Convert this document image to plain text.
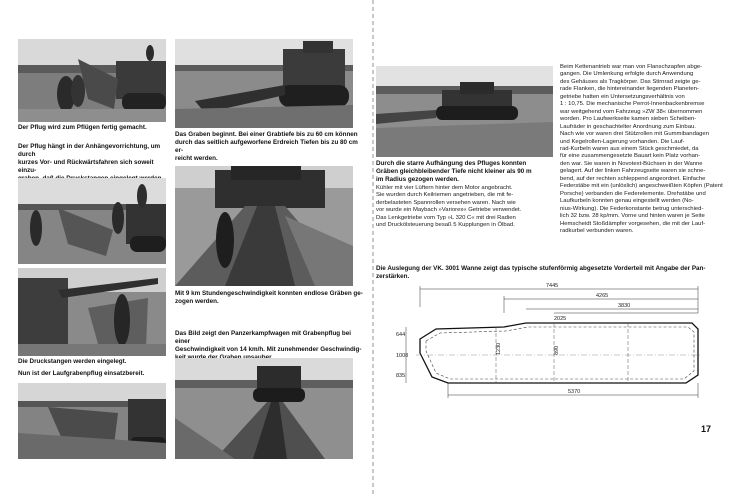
Der Pflug wird zum Pflügen fertig gemacht.

Der Pflug hängt in der Anhängevorrichtung, um durch
kurzes Vor- und Rückwärtsfahren sich soweit einzu-

Die Druckstangen werden eingelegt.

Nun ist der Laufgrabenpflug einsatzbereit.

Das Graben beginnt. Bei einer Grabtiefe bis zu 60 cm können
durch das seitlich aufgeworfene Erdreich Tiefen bis zu 80 cm er-
reicht werden.

Mit 9 km Stundengeschwindigkeit konnten endlose Gräben ge-
zogen werden.

Das Bild zeigt den Panzerkampfwagen mit Grabenpflug bei einer
Geschwindigkeit von 14 km/h. Mit zunehmender Geschwindig-

Durch die starre Aufhängung des Pfluges konnten
Gräben gleichbleibender Tiefe nicht kleiner als 90 m
im Radius gezogen werden.

Kühler mit vier Lüftern hinter dem Motor angebracht.
Sie wurden durch Keilriemen angetrieben, die mit fe-
derbelasteten Spannrollen versehen waren. Nach wie
vor wurde ein Maybach »Variorex« Getriebe verwendet.
Das Lenkgetriebe vom Typ »L 320 C« mit drei Radien
und Druckölsteuerung besaß 5 Kupplungen in Ölbad.

Beim Kettenantrieb war man von Flanschzapfen abge-
gangen. Die Umlenkung erfolgte durch Anwendung
des Gehäuses als Tragkörper. Das Stirnrad zeigte ge-
rade Flanken, die hintereinander liegenden Planeten-
getriebe hatten ein Untersetzungsverhältnis von
1 : 10,75. Die mechanische Perrot-Innenbackenbremse
war weitgehend vom Fahrzeug »ZW 38« übernommen
worden. Pro Laufwerkseite kamen sieben Scheiben-
Laufräder in geschachtelter Anordnung zum Einbau.
Nach wie vor waren drei Stützrollen mit Gummibandagen
und Kegelrollen-Lagerung vorhanden. Die Lauf-
rad-Kurbeln waren aus einem Stück geschmiedet, da
für eine zusammengesetzte Bauart kein Platz vorhan-
den war. Sie waren in Novotext-Büchsen in der Wanne
gelagert. Auf der linken Fahrzeugseite waren sie schne-
bend, auf der rechten schleppend angeordnet. Einfache
Federstäbe mit ein (unlöslich) angeschweißten Köpfen (Patent
Porsche) verbanden die Federelemente. Drehstäbe und
Laufkurbeln konnten genau eingestellt werden (No-
nius-Wirkung). Die Federkonstante betrug unterschied-
lich 32 bzw. 28 kp/mm. Vorne und hinten waren je Seite
Hemscheidt Stoßdämpfer vorgesehen, die mit der Lauf-
radkurbel verbunden waren.

Die Auslegung der VK. 3001 Wanne zeigt das typische stufenförmig abgesetzte Vorderteil mit Angabe der Pan-
zerstärken.

7445
4265
3830
2025
644
1008
835
1230	890
5370
17
